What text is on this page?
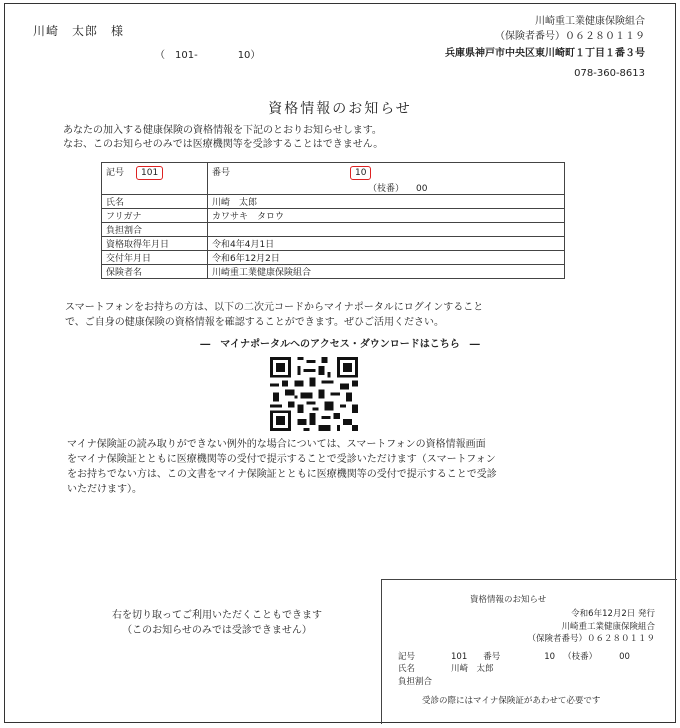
川崎　太郎　様
（　101-　　　　10）
川崎重工業健康保険組合
（保険者番号）０６２８０１１９
兵庫県神戸市中央区東川崎町１丁目１番３号
078-360-8613
資格情報のお知らせ
あなたの加入する健康保険の資格情報を下記のとおりお知らせします。
なお、このお知らせのみでは医療機関等を受診することはできません。
記号 101	番号 10
（枝番） 00

氏名	川崎　太郎
フリガナ	カワサキ　タロウ
負担割合	
資格取得年月日	令和4年4月1日
交付年月日	令和6年12月2日
保険者名	川崎重工業健康保険組合
スマートフォンをお持ちの方は、以下の二次元コードからマイナポータルにログインすること
で、ご自身の健康保険の資格情報を確認することができます。ぜひご活用ください。
―　マイナポータルへのアクセス・ダウンロードはこちら　―
マイナ保険証の読み取りができない例外的な場合については、スマートフォンの資格情報画面
をマイナ保険証とともに医療機関等の受付で提示することで受診いただけます（スマートフォン
をお持ちでない方は、この文書をマイナ保険証とともに医療機関等の受付で提示することで受診
いただけます）。
右を切り取ってご利用いただくこともできます
（このお知らせのみでは受診できません）
資格情報のお知らせ
令和6年12月2日 発行
川崎重工業健康保険組合
（保険者番号）０６２８０１１９
記号	101 番号	10 （枝番）	00
氏名	川崎　太郎
負担割合
受診の際にはマイナ保険証があわせて必要です
